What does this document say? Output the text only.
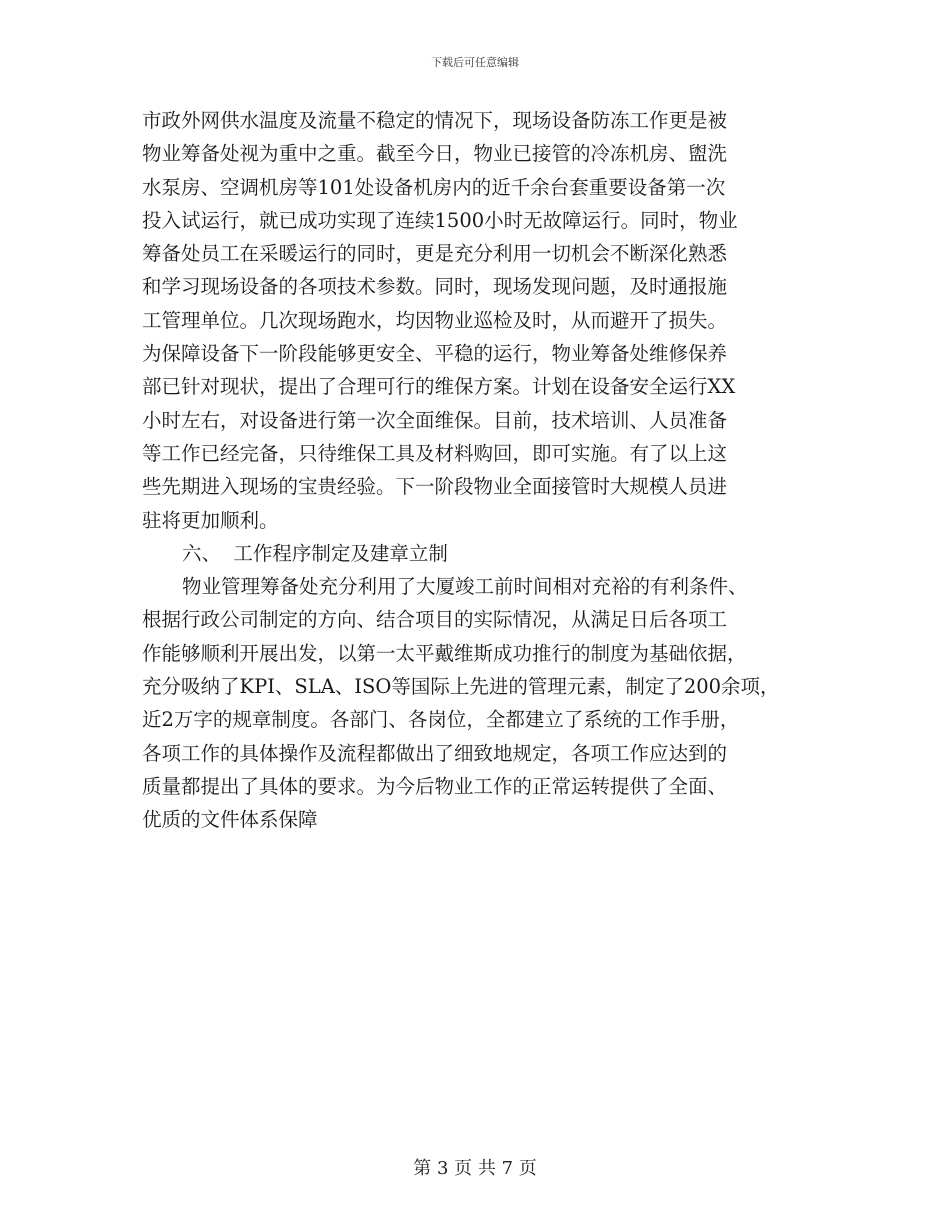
下载后可任意编辑
市政外网供水温度及流量不稳定的情况下，现场设备防冻工作更是被
物业筹备处视为重中之重。截至今日，物业已接管的冷冻机房、盥洗
水泵房、空调机房等101处设备机房内的近千余台套重要设备第一次
投入试运行，就已成功实现了连续1500小时无故障运行。同时，物业
筹备处员工在采暖运行的同时，更是充分利用一切机会不断深化熟悉
和学习现场设备的各项技术参数。同时，现场发现问题，及时通报施
工管理单位。几次现场跑水，均因物业巡检及时，从而避开了损失。
为保障设备下一阶段能够更安全、平稳的运行，物业筹备处维修保养
部已针对现状，提出了合理可行的维保方案。计划在设备安全运行XX
小时左右，对设备进行第一次全面维保。目前，技术培训、人员准备
等工作已经完备，只待维保工具及材料购回，即可实施。有了以上这
些先期进入现场的宝贵经验。下一阶段物业全面接管时大规模人员进
驻将更加顺利。
六、  工作程序制定及建章立制
物业管理筹备处充分利用了大厦竣工前时间相对充裕的有利条件、
根据行政公司制定的方向、结合项目的实际情况，从满足日后各项工
作能够顺利开展出发，以第一太平戴维斯成功推行的制度为基础依据，
充分吸纳了KPI、SLA、ISO等国际上先进的管理元素，制定了200余项，
近2万字的规章制度。各部门、各岗位，全都建立了系统的工作手册，
各项工作的具体操作及流程都做出了细致地规定，各项工作应达到的
质量都提出了具体的要求。为今后物业工作的正常运转提供了全面、
优质的文件体系保障
第 3 页 共 7 页
